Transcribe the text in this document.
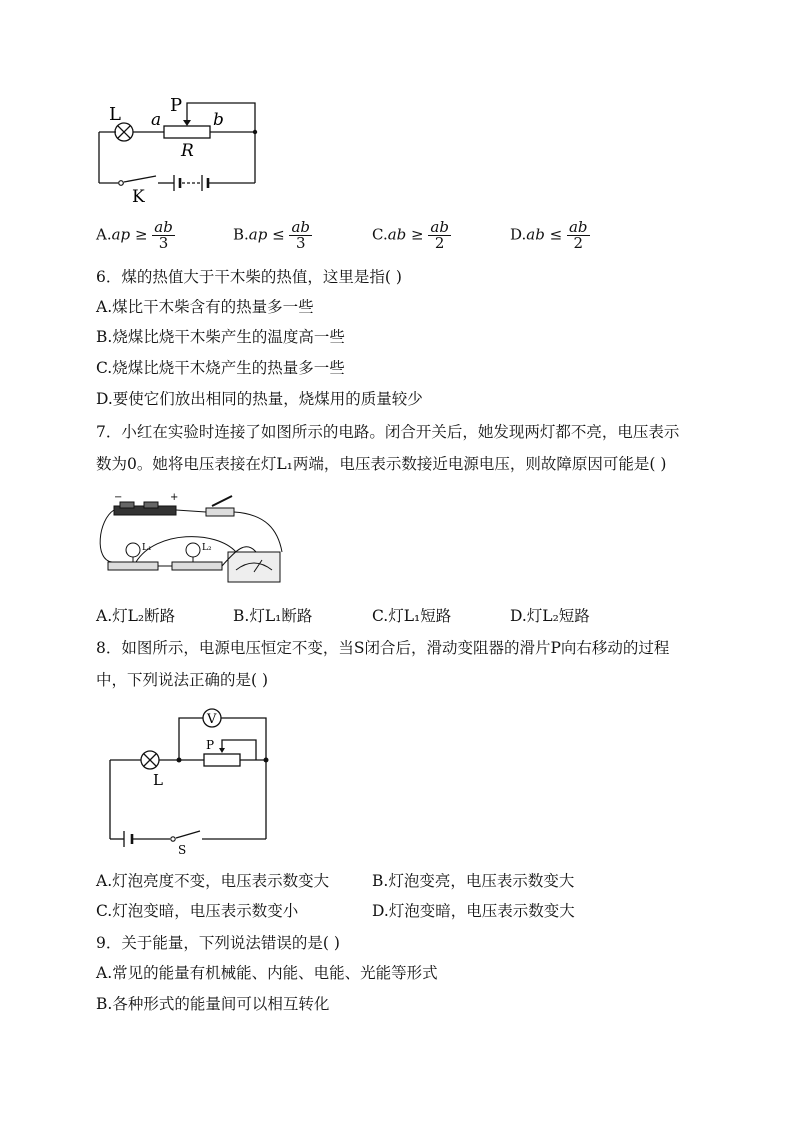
L	P
a	b
R
K
$A.ap \ge \frac{ab}{3}$	$B.ap \le \frac{ab}{3}$	$C.ab \ge \frac{ab}{2}$	$D.ab \le \frac{ab}{2}$
6．煤的热值大于干木柴的热值，这里是指( )
A.煤比干木柴含有的热量多一些
B.烧煤比烧干木柴产生的温度高一些
C.烧煤比烧干木烧产生的热量多一些
D.要使它们放出相同的热量，烧煤用的质量较少
7．小红在实验时连接了如图所示的电路。闭合开关后，她发现两灯都不亮，电压表示
数为0。她将电压表接在灯L₁两端，电压表示数接近电源电压，则故障原因可能是( )
−	+
L₁	L₂
A.灯L₂断路	B.灯L₁断路	C.灯L₁短路	D.灯L₂短路
8．如图所示，电源电压恒定不变，当S闭合后，滑动变阻器的滑片P向右移动的过程
中，下列说法正确的是( )
V
P
L
S
A.灯泡亮度不变，电压表示数变大	B.灯泡变亮，电压表示数变大
C.灯泡变暗，电压表示数变小	D.灯泡变暗，电压表示数变大
9．关于能量，下列说法错误的是( )
A.常见的能量有机械能、内能、电能、光能等形式
B.各种形式的能量间可以相互转化
